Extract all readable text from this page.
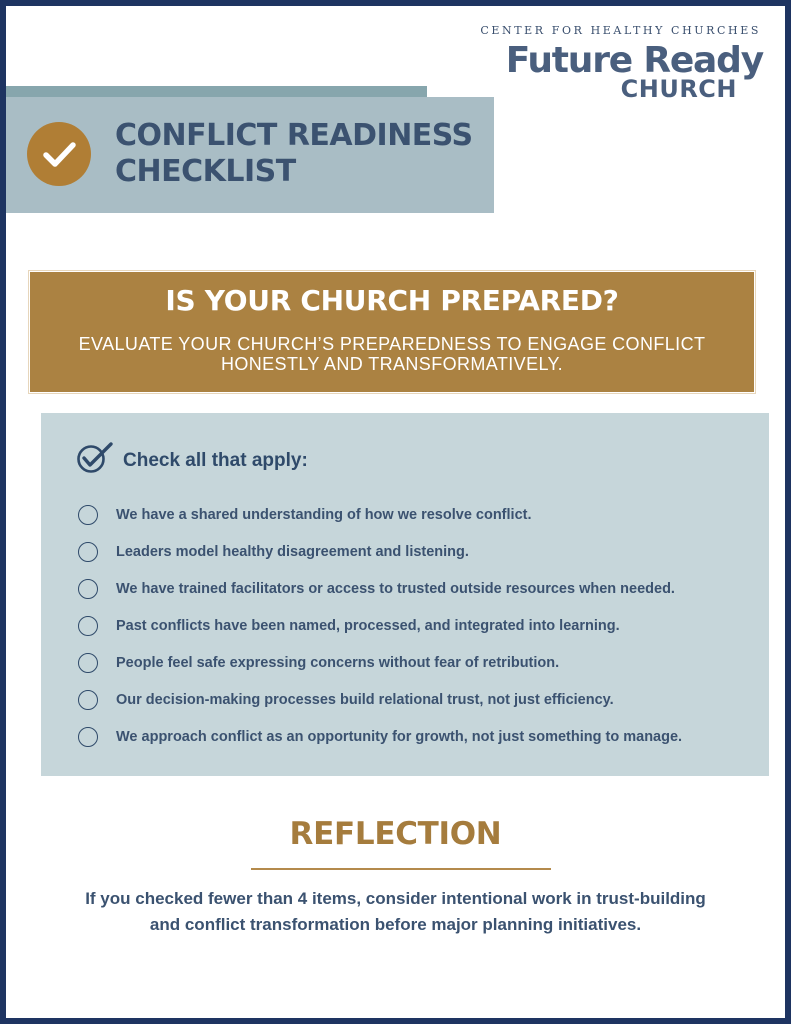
CENTER FOR HEALTHY CHURCHES
Future Ready
CHURCH
CONFLICT READINESS CHECKLIST
IS YOUR CHURCH PREPARED?
EVALUATE YOUR CHURCH’S PREPAREDNESS TO ENGAGE CONFLICT HONESTLY AND TRANSFORMATIVELY.
Check all that apply:
We have a shared understanding of how we resolve conflict.
Leaders model healthy disagreement and listening.
We have trained facilitators or access to trusted outside resources when needed.
Past conflicts have been named, processed, and integrated into learning.
People feel safe expressing concerns without fear of retribution.
Our decision-making processes build relational trust, not just efficiency.
We approach conflict as an opportunity for growth, not just something to manage.
REFLECTION
If you checked fewer than 4 items, consider intentional work in trust-building and conflict transformation before major planning initiatives.
